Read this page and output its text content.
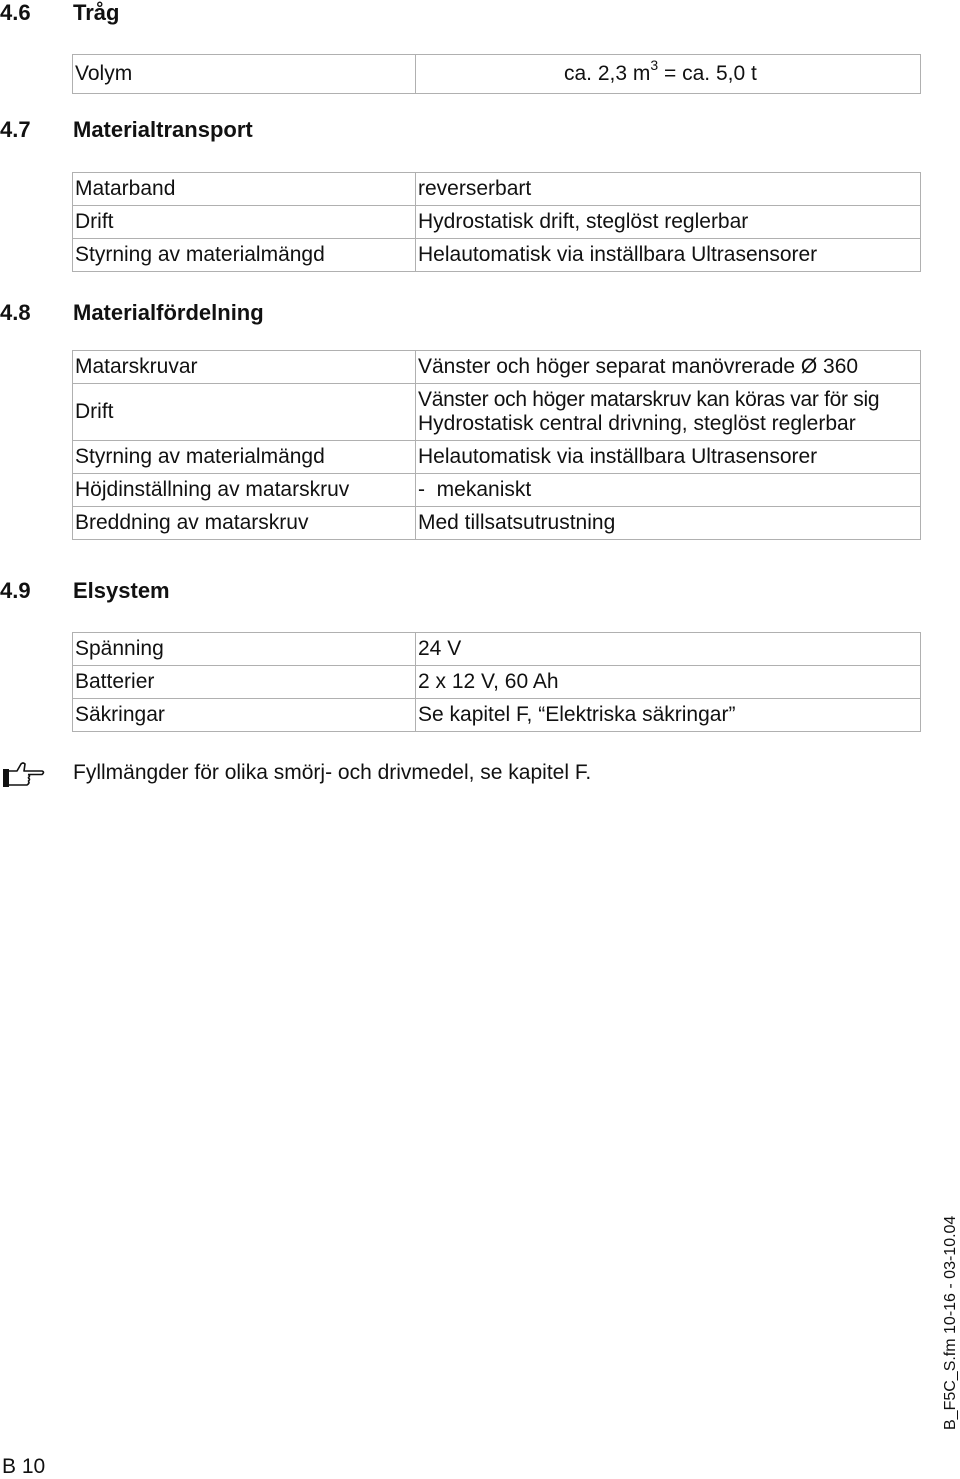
4.6 Tråg
Volym	ca. 2,3 $m^3$ = ca. 5,0 t
4.7 Materialtransport
Matarband	reverserbart
Drift	Hydrostatisk drift, steglöst reglerbar
Styrning av materialmängd	Helautomatisk via inställbara Ultrasensorer
4.8 Materialfördelning
Matarskruvar	Vänster och höger separat manövrerade Ø 360
Drift	Vänster och höger matarskruv kan köras var för sig
Hydrostatisk central drivning, steglöst reglerbar

Styrning av materialmängd	Helautomatisk via inställbara Ultrasensorer
Höjdinställning av matarskruv	-  mekaniskt
Breddning av matarskruv	Med tillsatsutrustning
4.9 Elsystem
Spänning	24 V
Batterier	2 x 12 V, 60 Ah
Säkringar	Se kapitel F, “Elektriska säkringar”
Fyllmängder för olika smörj- och drivmedel, se kapitel F.
B 10
B_F5C_S.fm 10-16 - 03-10.04
